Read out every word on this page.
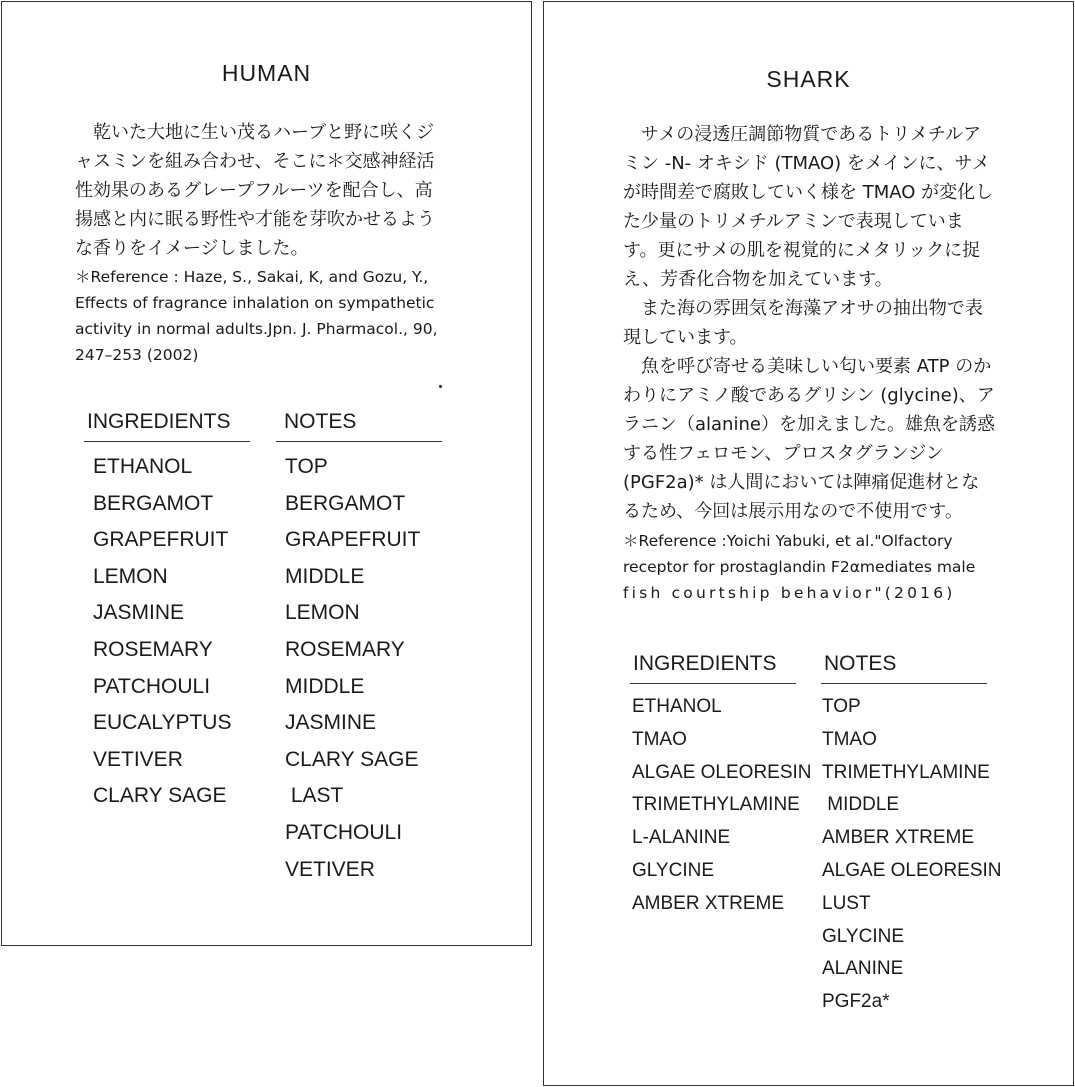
HUMAN

　乾いた大地に生い茂るハーブと野に咲くジャスミンを組み合わせ、そこに＊交感神経活性効果のあるグレープフルーツを配合し、高揚感と内に眠る野性や才能を芽吹かせるような香りをイメージしました。

＊Reference : Haze, S., Sakai, K, and Gozu, Y., Effects of fragrance inhalation on sympathetic activity in normal adults.Jpn. J. Pharmacol., 90, 247–253 (2002)

INGREDIENTS
ETHANOL
BERGAMOT
GRAPEFRUIT
LEMON
JASMINE
ROSEMARY
PATCHOULI
EUCALYPTUS
VETIVER
CLARY SAGE
NOTES
TOP
BERGAMOT
GRAPEFRUIT
MIDDLE
LEMON
ROSEMARY
MIDDLE
JASMINE
CLARY SAGE
LAST
PATCHOULI
VETIVER
SHARK

　サメの浸透圧調節物質であるトリメチルアミン -N- オキシド (TMAO) をメインに、サメが時間差で腐敗していく様を TMAO が変化した少量のトリメチルアミンで表現しています。更にサメの肌を視覚的にメタリックに捉え、芳香化合物を加えています。

　また海の雰囲気を海藻アオサの抽出物で表現しています。

　魚を呼び寄せる美味しい匂い要素 ATP のかわりにアミノ酸であるグリシン (glycine)、アラニン（alanine）を加えました。雄魚を誘惑する性フェロモン、プロスタグランジン (PGF2a)* は人間においては陣痛促進材となるため、今回は展示用なので不使用です。

＊Reference :Yoichi Yabuki, et al."Olfactory receptor for prostaglandin F2αmediates male

fish courtship behavior"(2016)

INGREDIENTS
ETHANOL
TMAO
ALGAE OLEORESIN
TRIMETHYLAMINE
L-ALANINE
GLYCINE
AMBER XTREME
NOTES
TOP
TMAO
TRIMETHYLAMINE
MIDDLE
AMBER XTREME
ALGAE OLEORESIN
LUST
GLYCINE
ALANINE
PGF2a*
